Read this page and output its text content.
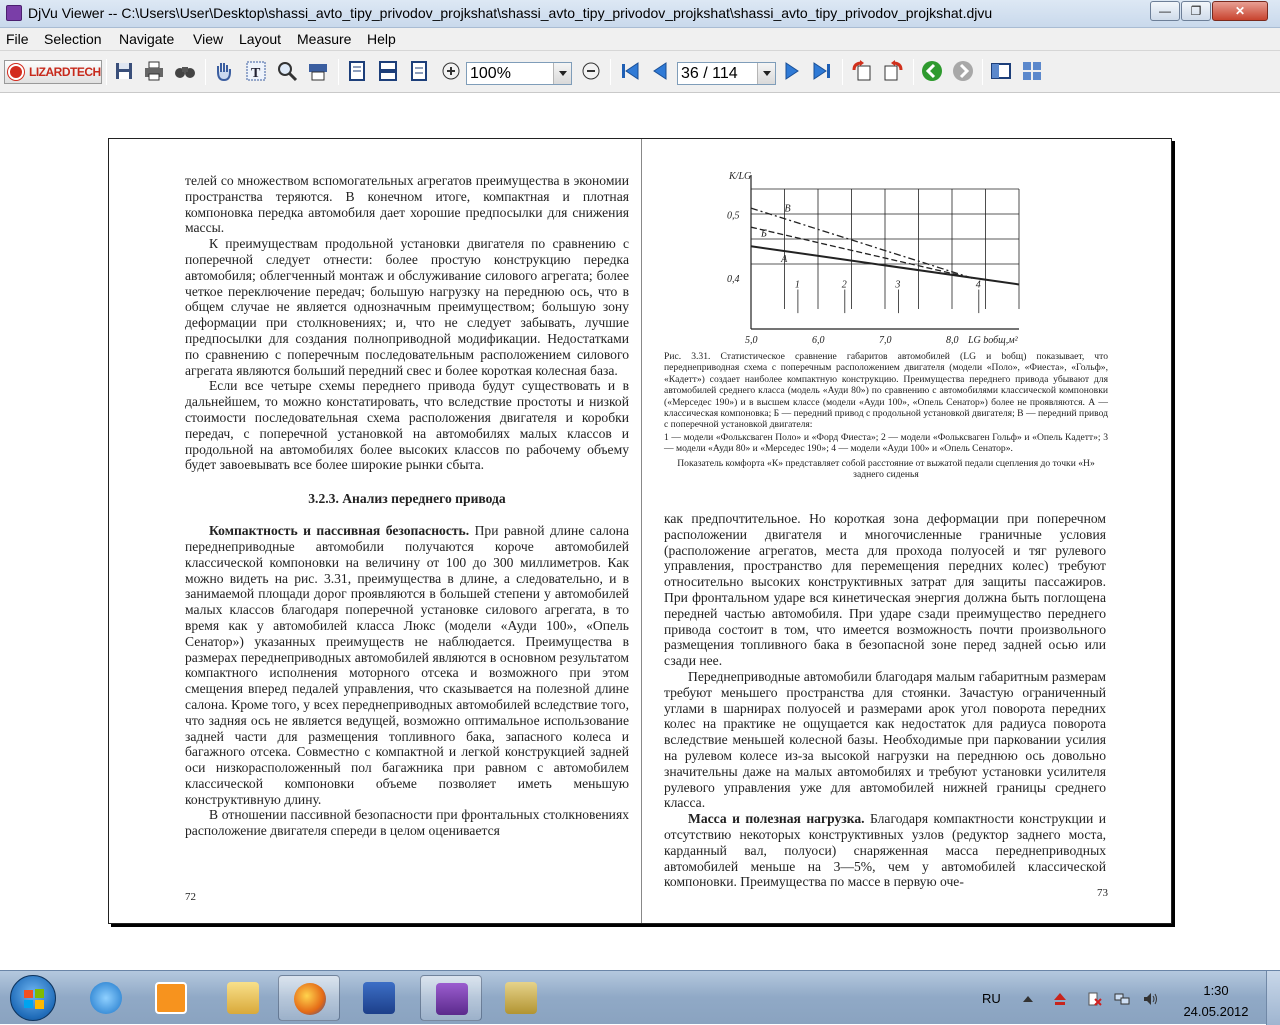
DjVu Viewer -- C:\Users\User\Desktop\shassi_avto_tipy_privodov_projkshat\shassi_avto_tipy_privodov_projkshat\shassi_avto_tipy_privodov_projkshat.djvu	—	❐	✕
File Selection Navigate View Layout Measure Help
LIZARDTECH	T	100%	36 / 114

телей со множеством вспомогательных агрегатов преимущества в экономии пространства теряются. В конечном итоге, компактная и плотная компоновка передка автомобиля дает хорошие предпосылки для снижения массы.

К преимуществам продольной установки двигателя по сравнению с поперечной следует отнести: более простую конструкцию передка автомобиля; облегченный монтаж и обслуживание силового агрегата; более четкое переключение передач; большую нагрузку на переднюю ось, что в общем случае не является однозначным преимуществом; большую зону деформации при столкновениях; и, что не следует забывать, лучшие предпосылки для создания полноприводной модификации. Недостатками по сравнению с поперечным последовательным расположением силового агрегата являются больший передний свес и более короткая колесная база.

Если все четыре схемы переднего привода будут существовать и в дальнейшем, то можно констатировать, что вследствие простоты и низкой стоимости последовательная схема расположения двигателя и коробки передач, с поперечной установкой на автомобилях малых классов и продольной на автомобилях более высоких классов по рабочему объему будет завоевывать все более широкие рынки сбыта.

3.2.3. Анализ переднего привода

Компактность и пассивная безопасность. При равной длине салона переднеприводные автомобили получаются короче автомобилей классической компоновки на величину от 100 до 300 миллиметров. Как можно видеть на рис. 3.31, преимущества в длине, а следовательно, и в занимаемой площади дорог проявляются в большей степени у автомобилей малых классов благодаря поперечной установке силового агрегата, в то время как у автомобилей класса Люкс (модели «Ауди 100», «Опель Сенатор») указанных преимуществ не наблюдается. Преимущества в размерах переднеприводных автомобилей являются в основном результатом компактного исполнения моторного отсека и возможного при этом смещения вперед педалей управления, что сказывается на полезной длине салона. Кроме того, у всех переднеприводных автомобилей вследствие того, что задняя ось не является ведущей, возможно оптимальное использование задней части для размещения топливного бака, запасного колеса и багажного отсека. Совместно с компактной и легкой конструкцией задней оси низкорасположенный пол багажника при равном с автомобилем классической компоновки объеме позволяет иметь меньшую конструктивную длину.

В отношении пассивной безопасности при фронтальных столкновениях расположение двигателя спереди в целом оценивается

72
5,0	6,0	7,0	8,0
0,4
0,5
K/LG
LG bобщ,м²
А
Б
В
1	2	3	4
Рис. 3.31. Статистическое сравнение габаритов автомобилей (LG и bобщ) показывает, что переднеприводная схема с поперечным расположением двигателя (модели «Поло», «Фиеста», «Гольф», «Кадетт») создает наиболее компактную конструкцию. Преимущества переднего привода убывают для автомобилей среднего класса (модель «Ауди 80») по сравнению с автомобилями классической компоновки («Мерседес 190») и в высшем классе (модели «Ауди 100», «Опель Сенатор») более не проявляются. А — классическая компоновка; Б — передний привод с продольной установкой двигателя; В — передний привод с поперечной установкой двигателя:
1 — модели «Фольксваген Поло» и «Форд Фиеста»; 2 — модели «Фольксваген Гольф» и «Опель Кадетт»; 3 — модели «Ауди 80» и «Мерседес 190»; 4 — модели «Ауди 100» и «Опель Сенатор».
Показатель комфорта «К» представляет собой расстояние от выжатой педали сцепления до точки «Н» заднего сиденья

как предпочтительное. Но короткая зона деформации при поперечном расположении двигателя и многочисленные граничные условия (расположение агрегатов, места для прохода полуосей и тяг рулевого управления, пространство для перемещения передних колес) требуют относительно высоких конструктивных затрат для защиты пассажиров. При фронтальном ударе вся кинетическая энергия должна быть поглощена передней частью автомобиля. При ударе сзади преимущество переднего привода состоит в том, что имеется возможность почти произвольного размещения топливного бака в безопасной зоне перед задней осью или сзади нее.

Переднеприводные автомобили благодаря малым габаритным размерам требуют меньшего пространства для стоянки. Зачастую ограниченный углами в шарнирах полуосей и размерами арок угол поворота передних колес на практике не ощущается как недостаток для радиуса поворота вследствие меньшей колесной базы. Необходимые при парковании усилия на рулевом колесе из-за высокой нагрузки на переднюю ось довольно значительны даже на малых автомобилях и требуют установки усилителя рулевого управления уже для автомобилей нижней границы среднего класса.

Масса и полезная нагрузка. Благодаря компактности конструкции и отсутствию некоторых конструктивных узлов (редуктор заднего моста, карданный вал, полуоси) снаряженная масса переднеприводных автомобилей меньше на 3—5%, чем у автомобилей классической компоновки. Преимущества по массе в первую оче-

73
RU
1:30
24.05.2012
